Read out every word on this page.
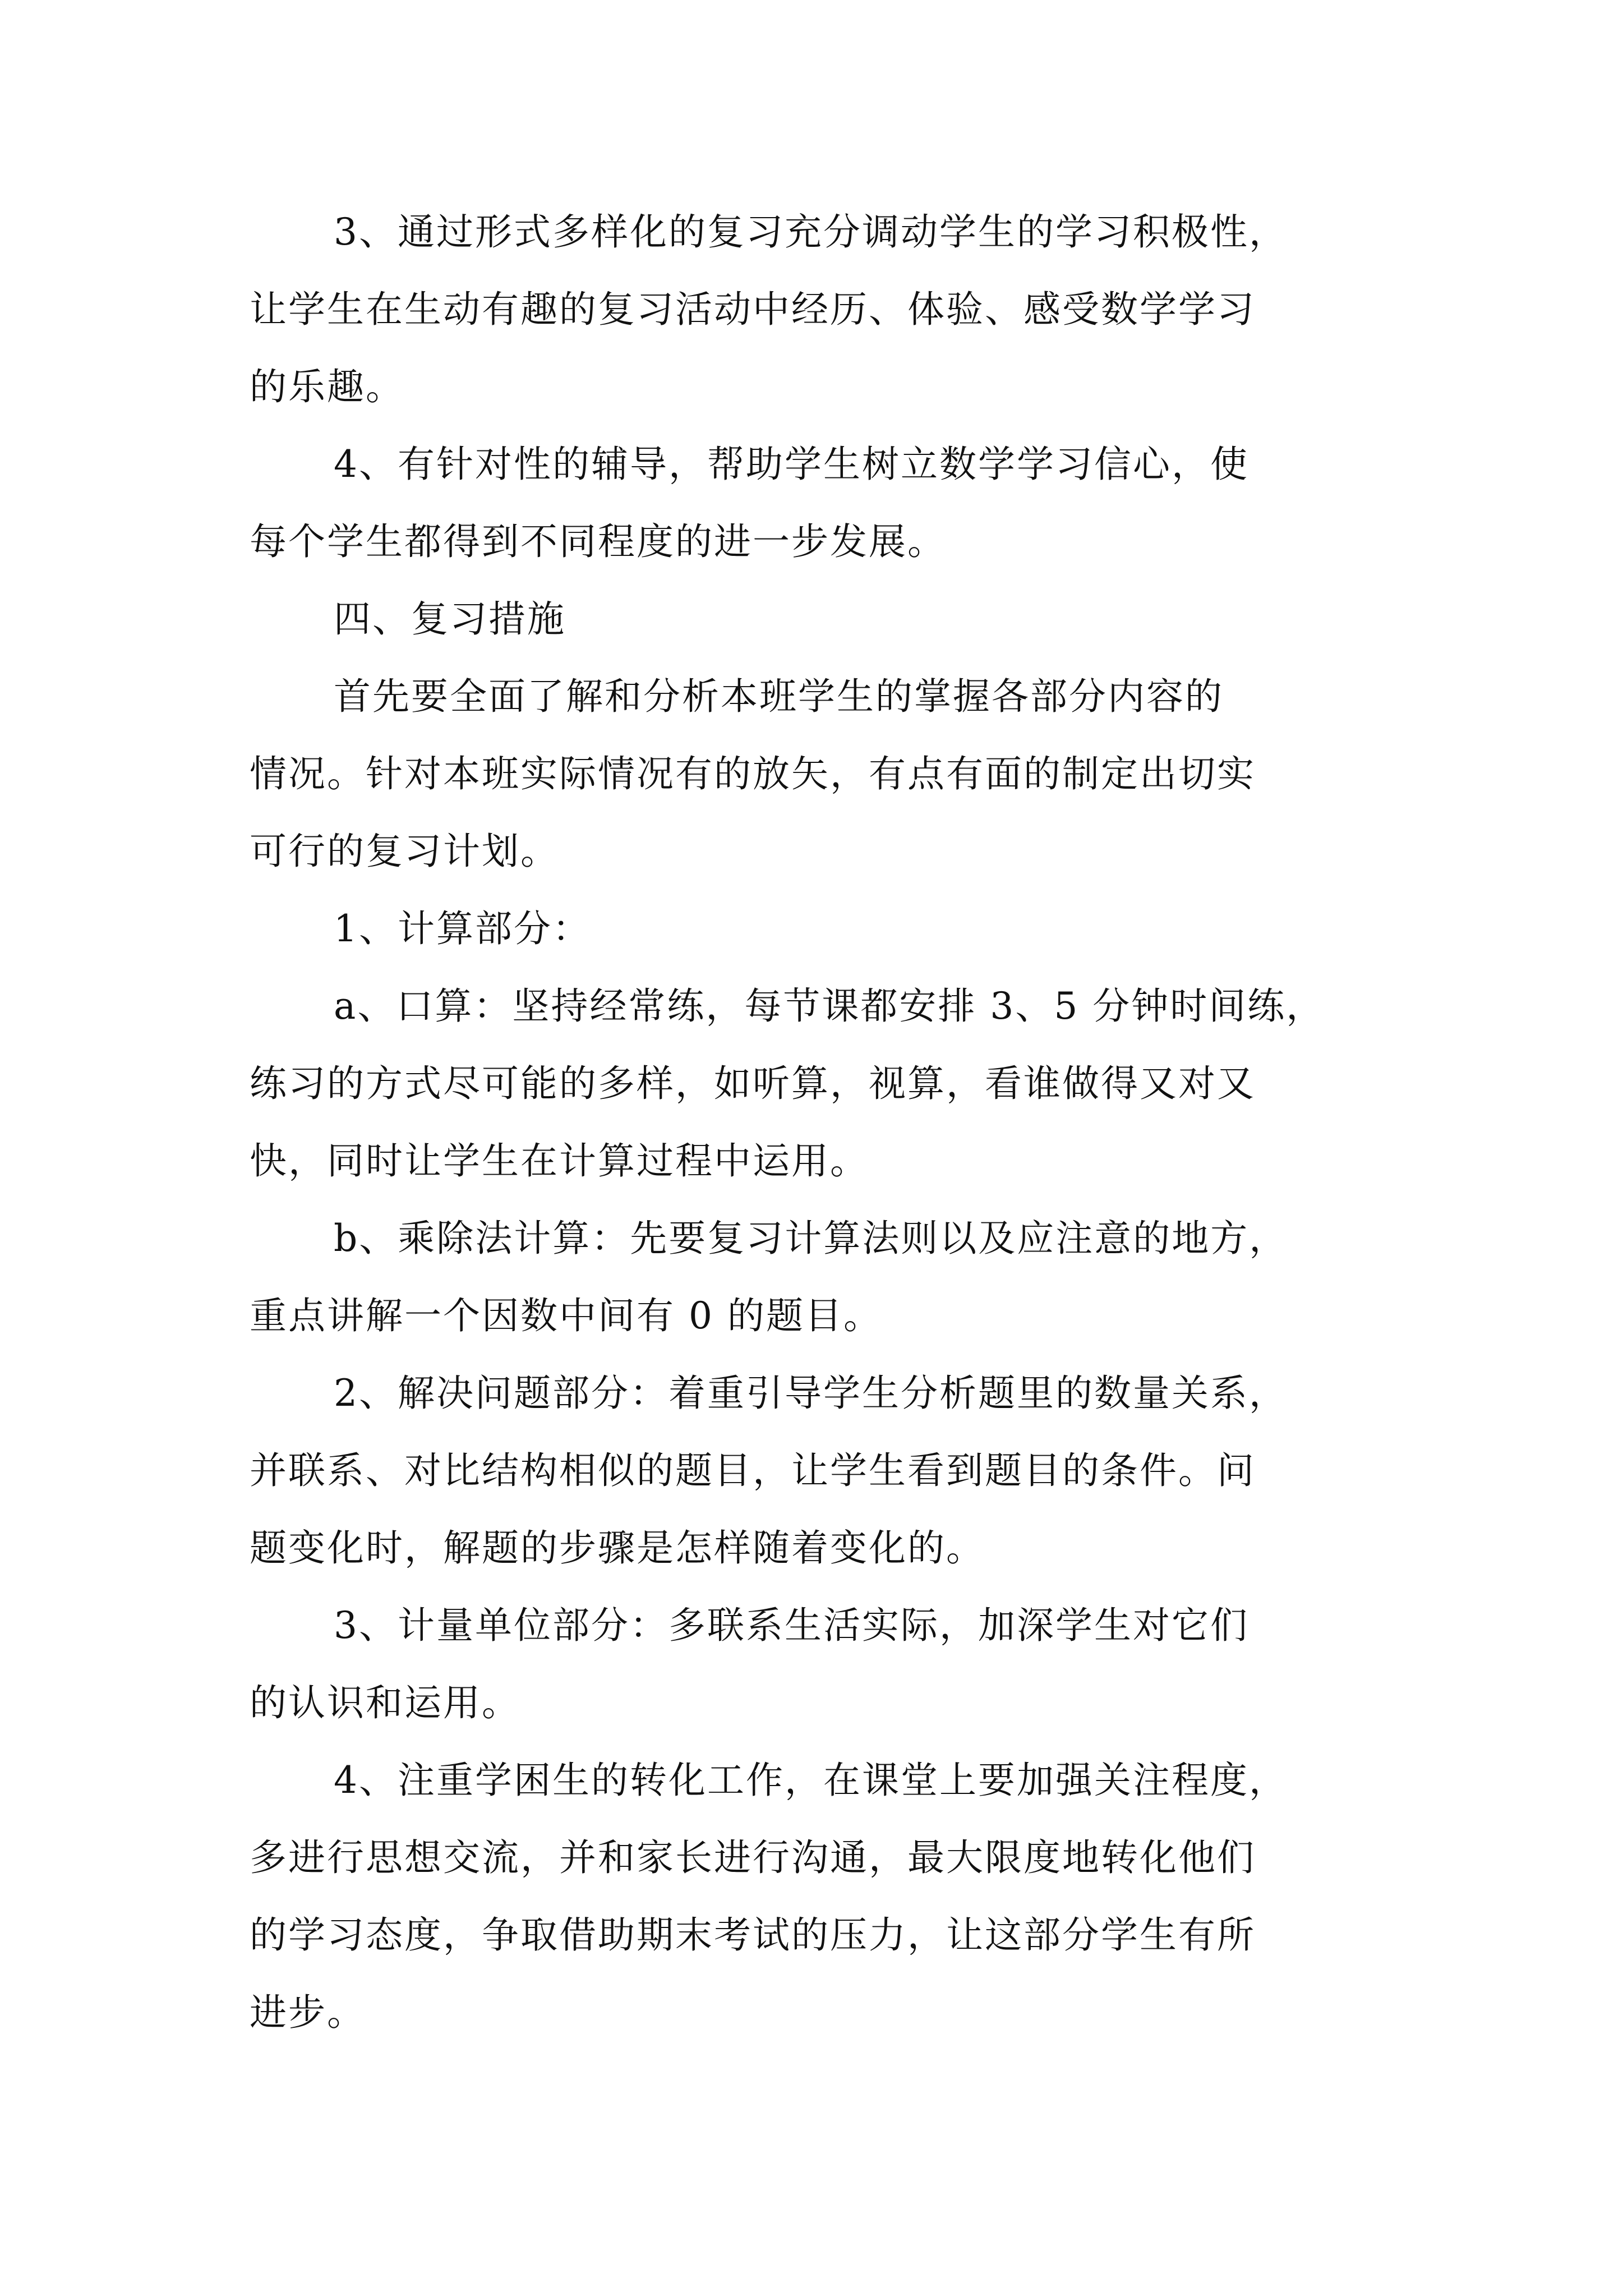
3、通过形式多样化的复习充分调动学生的学习积极性，
让学生在生动有趣的复习活动中经历、体验、感受数学学习
的乐趣。
4、有针对性的辅导，帮助学生树立数学学习信心，使
每个学生都得到不同程度的进一步发展。
四、复习措施
首先要全面了解和分析本班学生的掌握各部分内容的
情况。针对本班实际情况有的放矢，有点有面的制定出切实
可行的复习计划。
1、计算部分：
a、口算：坚持经常练，每节课都安排 3、5 分钟时间练，
练习的方式尽可能的多样，如听算，视算，看谁做得又对又
快，同时让学生在计算过程中运用。
b、乘除法计算：先要复习计算法则以及应注意的地方，
重点讲解一个因数中间有 0 的题目。
2、解决问题部分：着重引导学生分析题里的数量关系，
并联系、对比结构相似的题目，让学生看到题目的条件。问
题变化时，解题的步骤是怎样随着变化的。
3、计量单位部分：多联系生活实际，加深学生对它们
的认识和运用。
4、注重学困生的转化工作，在课堂上要加强关注程度，
多进行思想交流，并和家长进行沟通，最大限度地转化他们
的学习态度，争取借助期末考试的压力，让这部分学生有所
进步。
